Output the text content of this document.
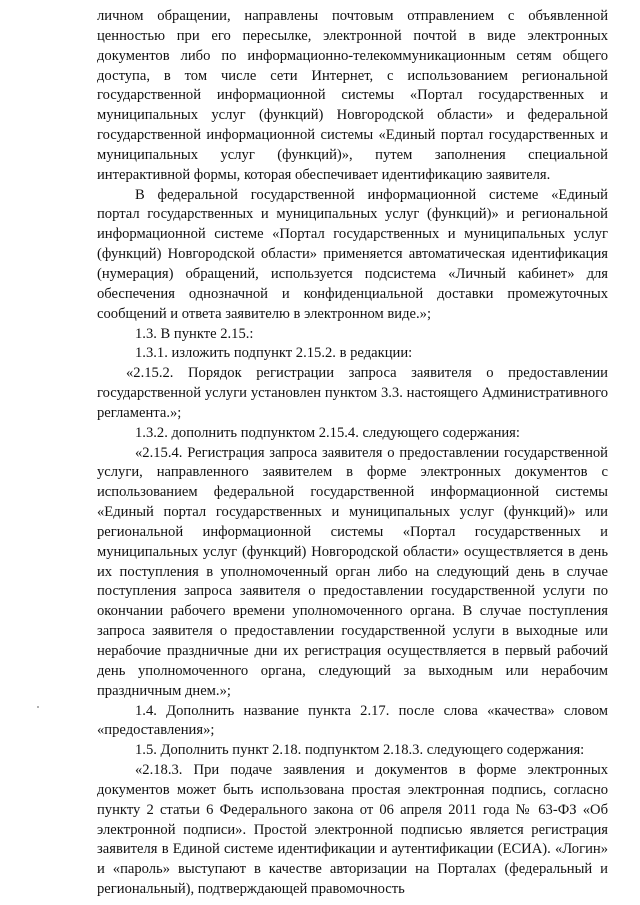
личном обращении, направлены почтовым отправлением с объявленной ценностью при его пересылке, электронной почтой в виде электронных документов либо по информационно-телекоммуникационным сетям общего доступа, в том числе сети Интернет, с использованием региональной государственной информационной системы «Портал государственных и муниципальных услуг (функций) Новгородской области» и федеральной государственной информационной системы «Единый портал государственных и муниципальных услуг (функций)», путем заполнения специальной интерактивной формы, которая обеспечивает идентификацию заявителя.

В федеральной государственной информационной системе «Единый портал государственных и муниципальных услуг (функций)» и региональной информационной системе «Портал государственных и муниципальных услуг (функций) Новгородской области» применяется автоматическая идентификация (нумерация) обращений, используется подсистема «Личный кабинет» для обеспечения однозначной и конфиденциальной доставки промежуточных сообщений и ответа заявителю в электронном виде.»;

1.3. В пункте 2.15.:

1.3.1. изложить подпункт 2.15.2. в редакции:

«2.15.2. Порядок регистрации запроса заявителя о предоставлении государственной услуги установлен пунктом 3.3. настоящего Административного регламента.»;

1.3.2. дополнить подпунктом 2.15.4. следующего содержания:

«2.15.4. Регистрация запроса заявителя о предоставлении государственной услуги, направленного заявителем в форме электронных документов с использованием федеральной государственной информационной системы «Единый портал государственных и муниципальных услуг (функций)» или региональной информационной системы «Портал государственных и муниципальных услуг (функций) Новгородской области» осуществляется в день их поступления в уполномоченный орган либо на следующий день в случае поступления запроса заявителя о предоставлении государственной услуги по окончании рабочего времени уполномоченного органа. В случае поступления запроса заявителя о предоставлении государственной услуги в выходные или нерабочие праздничные дни их регистрация осуществляется в первый рабочий день уполномоченного органа, следующий за выходным или нерабочим праздничным днем.»;

1.4. Дополнить название пункта 2.17. после слова «качества» словом «предоставления»;

1.5. Дополнить пункт 2.18. подпунктом 2.18.3. следующего содержания:

«2.18.3. При подаче заявления и документов в форме электронных документов может быть использована простая электронная подпись, согласно пункту 2 статьи 6 Федерального закона от 06 апреля 2011 года № 63-ФЗ «Об электронной подписи». Простой электронной подписью является регистрация заявителя в Единой системе идентификации и аутентификации (ЕСИА). «Логин» и «пароль» выступают в качестве авторизации на Порталах (федеральный и региональный), подтверждающей правомочность
